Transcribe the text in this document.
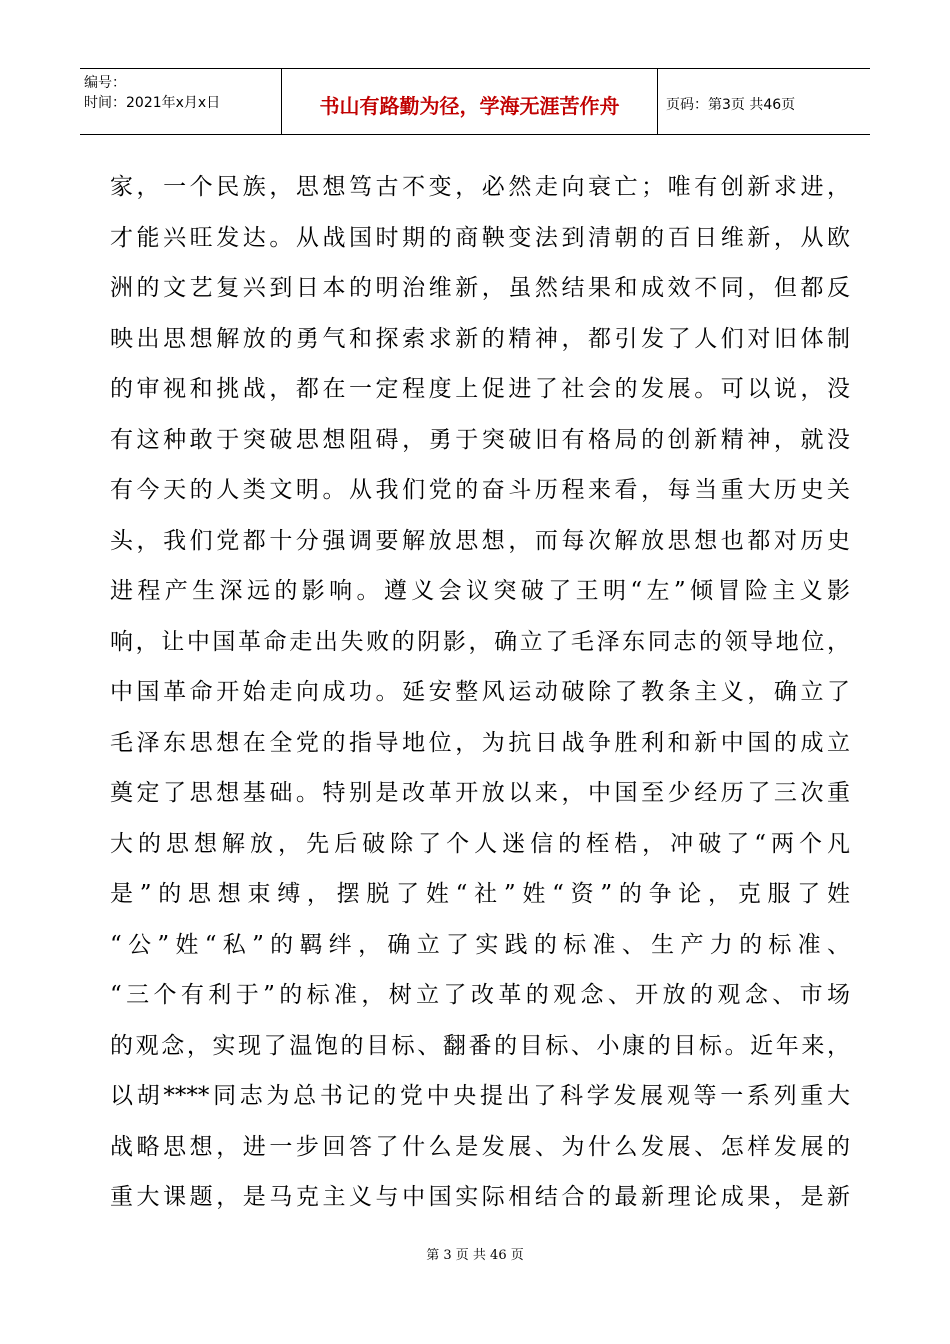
编号：
时间：2021年x月x日	书山有路勤为径，学海无涯苦作舟	页码：第3页 共46页
家，一个民族，思想笃古不变，必然走向衰亡；唯有创新求进，
才能兴旺发达。从战国时期的商鞅变法到清朝的百日维新，从欧
洲的文艺复兴到日本的明治维新，虽然结果和成效不同，但都反
映出思想解放的勇气和探索求新的精神，都引发了人们对旧体制
的审视和挑战，都在一定程度上促进了社会的发展。可以说，没
有这种敢于突破思想阻碍，勇于突破旧有格局的创新精神，就没
有今天的人类文明。从我们党的奋斗历程来看，每当重大历史关
头，我们党都十分强调要解放思想，而每次解放思想也都对历史
进程产生深远的影响。遵义会议突破了王明“左”倾冒险主义影
响，让中国革命走出失败的阴影，确立了毛泽东同志的领导地位，
中国革命开始走向成功。延安整风运动破除了教条主义，确立了
毛泽东思想在全党的指导地位，为抗日战争胜利和新中国的成立
奠定了思想基础。特别是改革开放以来，中国至少经历了三次重
大的思想解放，先后破除了个人迷信的桎梏，冲破了“两个凡
是”的思想束缚，摆脱了姓“社”姓“资”的争论，克服了姓
“公”姓“私”的羁绊，确立了实践的标准、生产力的标准、
“三个有利于”的标准，树立了改革的观念、开放的观念、市场
的观念，实现了温饱的目标、翻番的目标、小康的目标。近年来，
以胡****同志为总书记的党中央提出了科学发展观等一系列重大
战略思想，进一步回答了什么是发展、为什么发展、怎样发展的
重大课题，是马克主义与中国实际相结合的最新理论成果，是新
第 3 页 共 46 页
